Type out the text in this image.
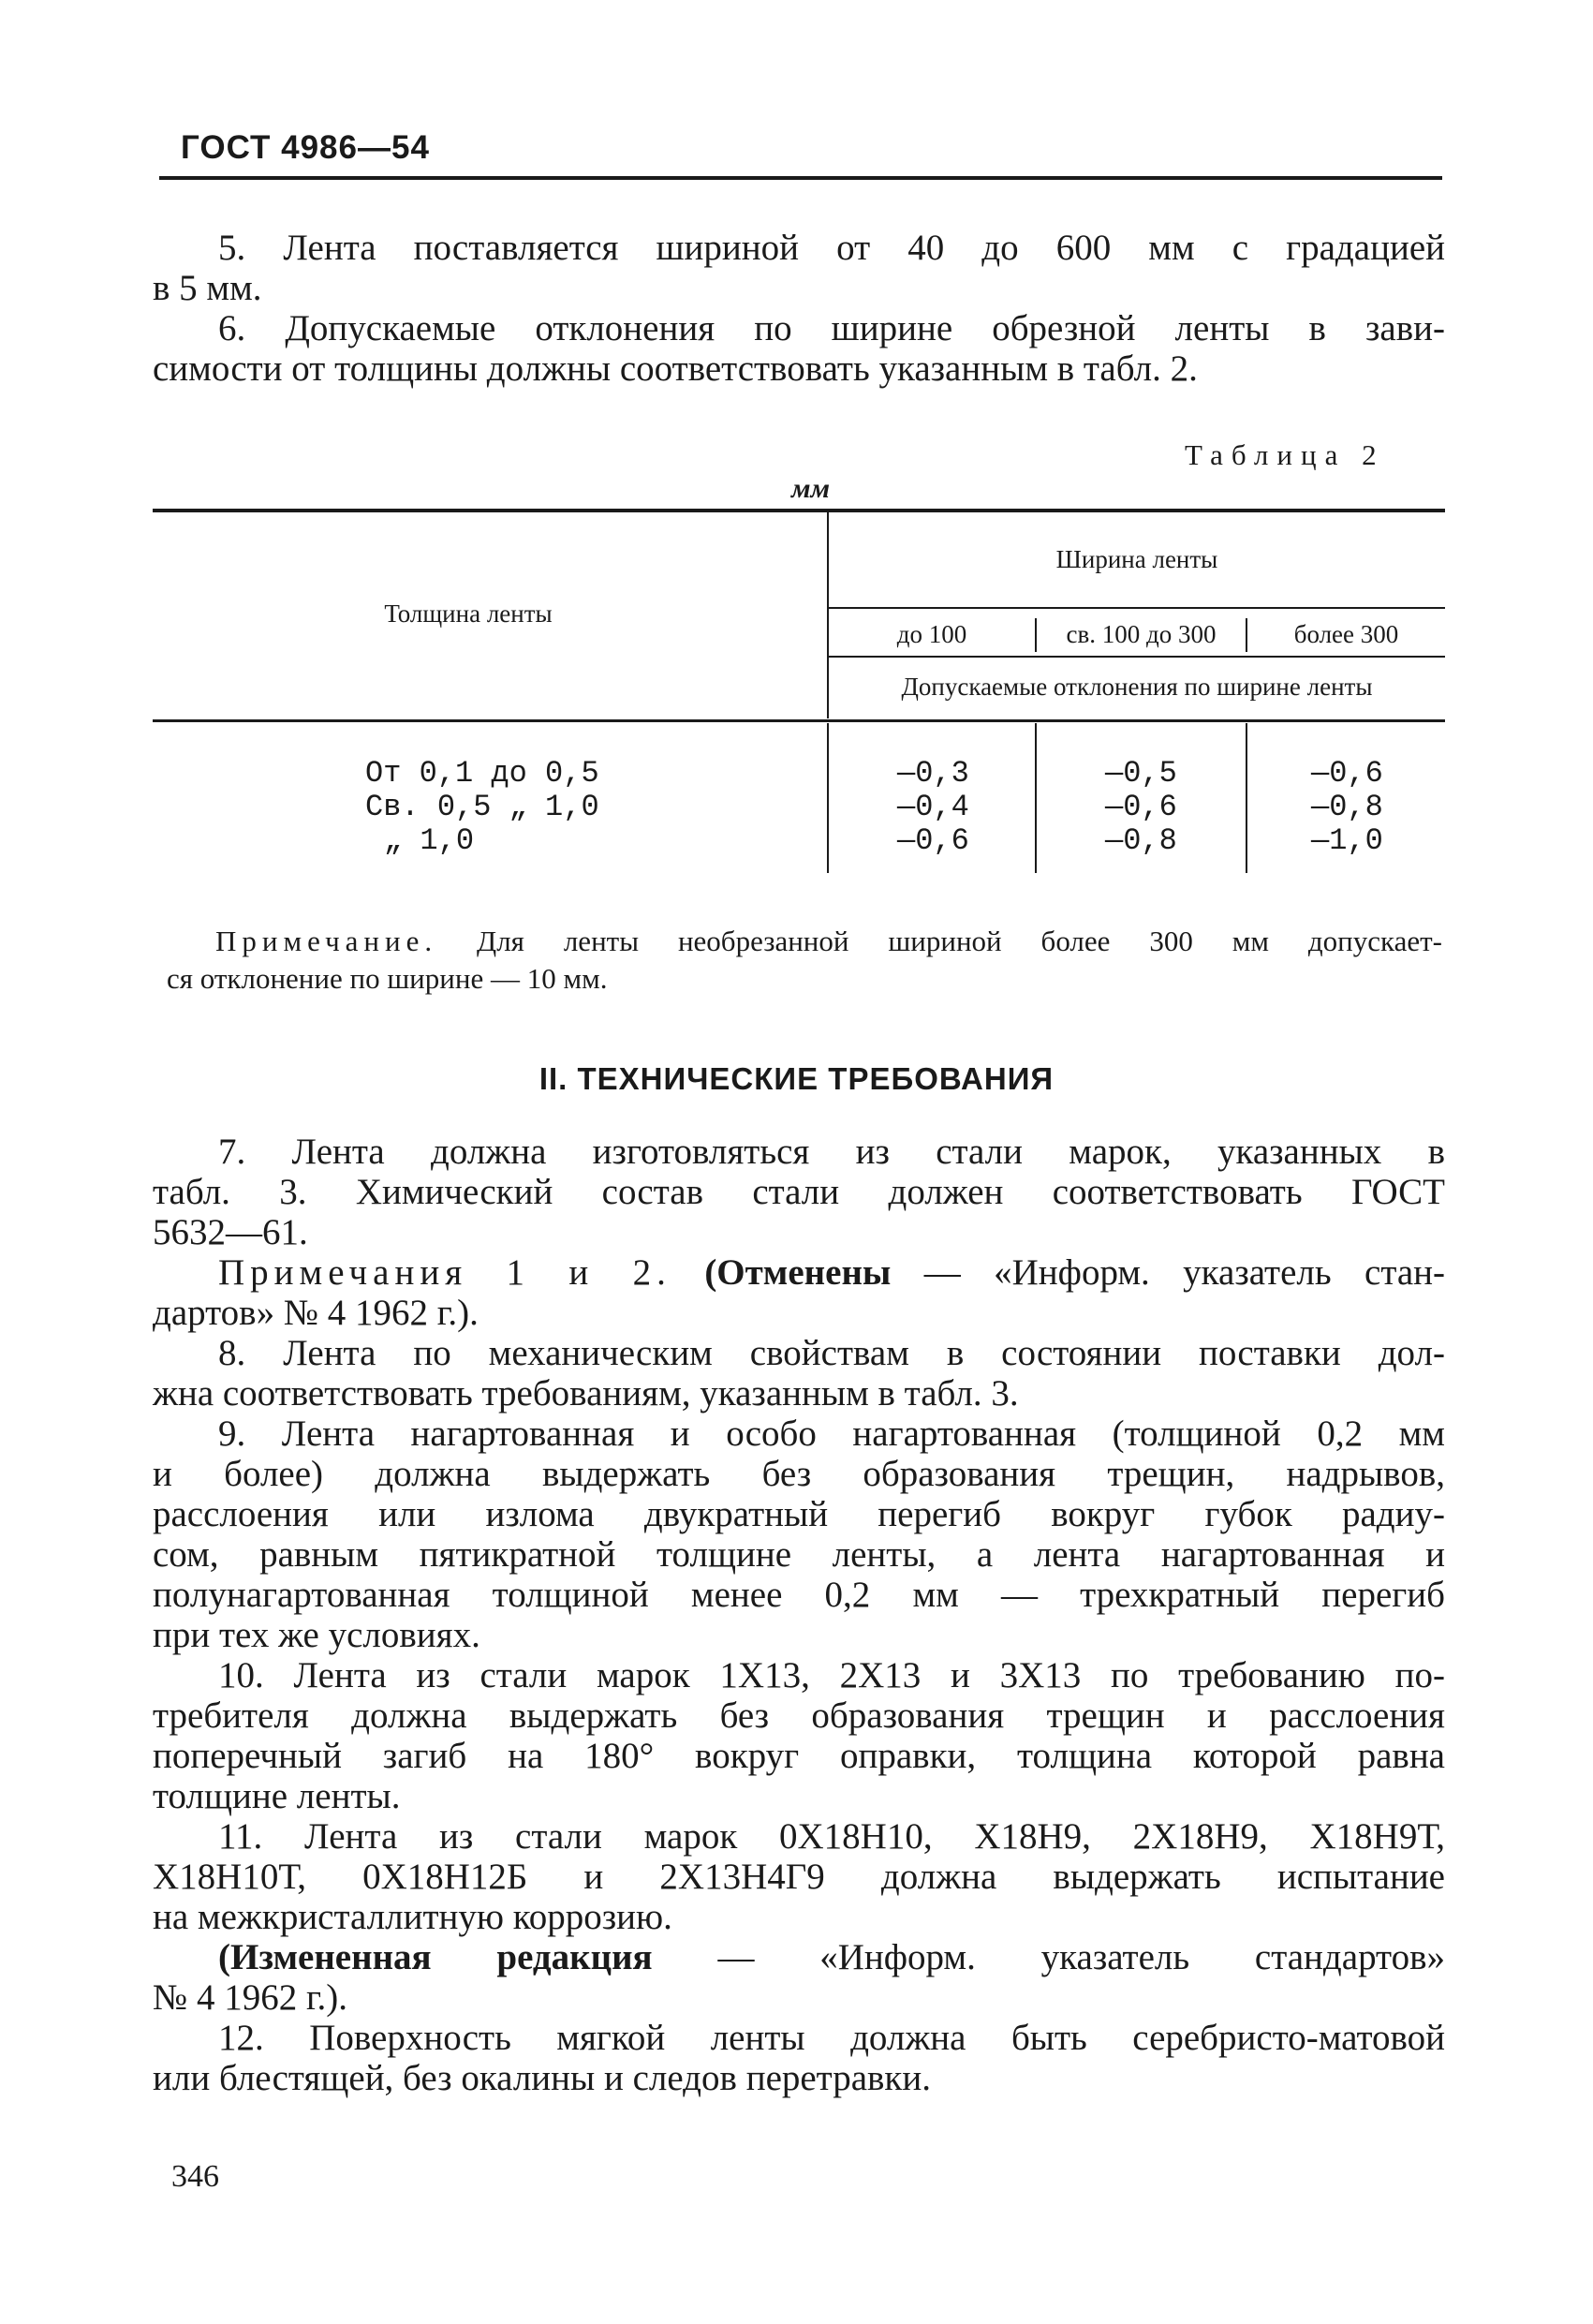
ГОСТ 4986—54
5. Лента поставляется шириной от 40 до 600 мм с градацией
в 5 мм.
6. Допускаемые отклонения по ширине обрезной ленты в зави-
симости от толщины должны соответствовать указанным в табл. 2.
Таблица 2
мм
Толщина ленты
Ширина ленты
до 100	св. 100 до 300	более 300
Допускаемые отклонения по ширине ленты
От 0,1 до 0,5	—0,3	—0,5	—0,6
Св. 0,5 „ 1,0	—0,4	—0,6	—0,8
„ 1,0	—0,6	—0,8	—1,0
Примечание. Для ленты необрезанной шириной более 300 мм допускает-
ся отклонение по ширине — 10 мм.
II. ТЕХНИЧЕСКИЕ ТРЕБОВАНИЯ
7. Лента должна изготовляться из стали марок, указанных в
табл. 3. Химический состав стали должен соответствовать ГОСТ
5632—61.
Примечания 1 и 2. (Отменены — «Информ. указатель стан-
дартов» № 4 1962 г.).
8. Лента по механическим свойствам в состоянии поставки дол-
жна соответствовать требованиям, указанным в табл. 3.
9. Лента нагартованная и особо нагартованная (толщиной 0,2 мм
и более) должна выдержать без образования трещин, надрывов,
расслоения или излома двукратный перегиб вокруг губок радиу-
сом, равным пятикратной толщине ленты, а лента нагартованная и
полунагартованная толщиной менее 0,2 мм — трехкратный перегиб
при тех же условиях.
10. Лента из стали марок 1Х13, 2Х13 и 3Х13 по требованию по-
требителя должна выдержать без образования трещин и расслоения
поперечный загиб на 180° вокруг оправки, толщина которой равна
толщине ленты.
11. Лента из стали марок 0Х18Н10, Х18Н9, 2Х18Н9, Х18Н9Т,
Х18Н10Т, 0Х18Н12Б и 2Х13Н4Г9 должна выдержать испытание
на межкристаллитную коррозию.
(Измененная редакция — «Информ. указатель стандартов»
№ 4 1962 г.).
12. Поверхность мягкой ленты должна быть серебристо-матовой
или блестящей, без окалины и следов перетравки.
346
